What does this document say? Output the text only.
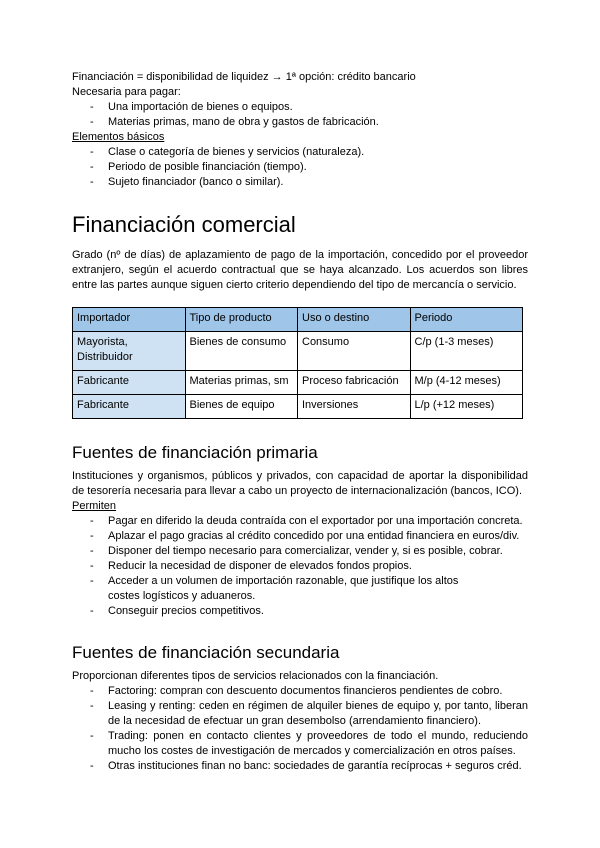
Financiación = disponibilidad de liquidez → 1ª opción: crédito bancario

Necesaria para pagar:

- Una importación de bienes o equipos.
- Materias primas, mano de obra y gastos de fabricación.

Elementos básicos

- Clase o categoría de bienes y servicios (naturaleza).
- Periodo de posible financiación (tiempo).
- Sujeto financiador (banco o similar).
Financiación comercial

Grado (nº de días) de aplazamiento de pago de la importación, concedido por el proveedor extranjero, según el acuerdo contractual que se haya alcanzado. Los acuerdos son libres entre las partes aunque siguen cierto criterio dependiendo del tipo de mercancía o servicio.

Importador	Tipo de producto	Uso o destino	Periodo
Mayorista, Distribuidor	Bienes de consumo	Consumo	C/p (1-3 meses)
Fabricante	Materias primas, sm	Proceso fabricación	M/p (4-12 meses)
Fabricante	Bienes de equipo	Inversiones	L/p (+12 meses)
Fuentes de financiación primaria

Instituciones y organismos, públicos y privados, con capacidad de aportar la disponibilidad de tesorería necesaria para llevar a cabo un proyecto de internacionalización (bancos, ICO).

Permiten

- Pagar en diferido la deuda contraída con el exportador por una importación concreta.
- Aplazar el pago gracias al crédito concedido por una entidad financiera en euros/div.
- Disponer del tiempo necesario para comercializar, vender y, si es posible, cobrar.
- Reducir la necesidad de disponer de elevados fondos propios.
- Acceder a un volumen de importación razonable, que justifique los altos costes logísticos y aduaneros.
- Conseguir precios competitivos.
Fuentes de financiación secundaria

Proporcionan diferentes tipos de servicios relacionados con la financiación.

- Factoring: compran con descuento documentos financieros pendientes de cobro.
- Leasing y renting: ceden en régimen de alquiler bienes de equipo y, por tanto, liberan de la necesidad de efectuar un gran desembolso (arrendamiento financiero).
- Trading: ponen en contacto clientes y proveedores de todo el mundo, reduciendo mucho los costes de investigación de mercados y comercialización en otros países.
- Otras instituciones finan no banc: sociedades de garantía recíprocas + seguros créd.
